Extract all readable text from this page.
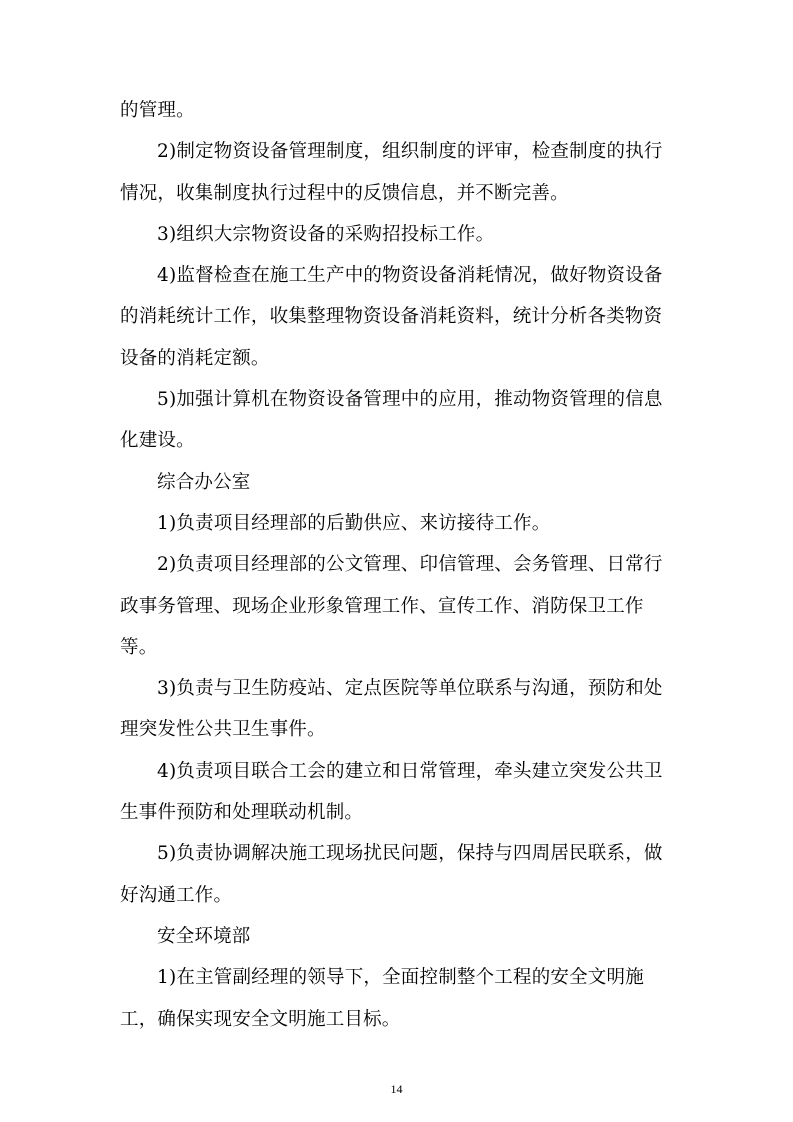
的管理。

2)制定物资设备管理制度，组织制度的评审，检查制度的执行情况，收集制度执行过程中的反馈信息，并不断完善。

3)组织大宗物资设备的采购招投标工作。

4)监督检查在施工生产中的物资设备消耗情况，做好物资设备的消耗统计工作，收集整理物资设备消耗资料，统计分析各类物资设备的消耗定额。

5)加强计算机在物资设备管理中的应用，推动物资管理的信息化建设。

综合办公室

1)负责项目经理部的后勤供应、来访接待工作。

2)负责项目经理部的公文管理、印信管理、会务管理、日常行政事务管理、现场企业形象管理工作、宣传工作、消防保卫工作等。

3)负责与卫生防疫站、定点医院等单位联系与沟通，预防和处理突发性公共卫生事件。

4)负责项目联合工会的建立和日常管理，牵头建立突发公共卫生事件预防和处理联动机制。

5)负责协调解决施工现场扰民问题，保持与四周居民联系，做好沟通工作。

安全环境部

1)在主管副经理的领导下，全面控制整个工程的安全文明施工，确保实现安全文明施工目标。

14
